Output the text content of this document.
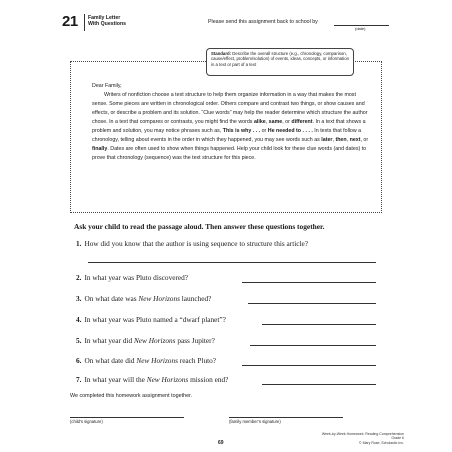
21 Family Letter
With Questions	Please send this assignment back to school by
(date)
Standard: Describe the overall structure (e.g., chronology, comparison, cause/effect, problem/solution) of events, ideas, concepts, or information in a text or part of a text

Dear Family,

Writers of nonfiction choose a text structure to help them organize information in a way that makes the most sense. Some pieces are written in chronological order. Others compare and contrast two things, or show causes and effects, or describe a problem and its solution. “Clue words” may help the reader determine which structure the author chose. In a text that compares or contrasts, you might find the words alike, same, or different. In a text that shows a problem and solution, you may notice phrases such as, This is why . . . or He needed to . . . . In texts that follow a chronology, telling about events in the order in which they happened, you may see words such as later, then, next, or finally. Dates are often used to show when things happened. Help your child look for these clue words (and dates) to prove that chronology (sequence) was the text structure for this piece.

Ask your child to read the passage aloud. Then answer these questions together.
1. How did you know that the author is using sequence to structure this article?
2. In what year was Pluto discovered?
3. On what date was New Horizons launched?
4. In what year was Pluto named a “dwarf planet”?
5. In what year did New Horizons pass Jupiter?
6. On what date did New Horizons reach Pluto?
7. In what year will the New Horizons mission end?
We completed this homework assignment together.
(child’s signature)	(family member’s signature)
69
Week-by-Week Homework: Reading Comprehension Grade 6
© Mary Rose, Scholastic Inc.
